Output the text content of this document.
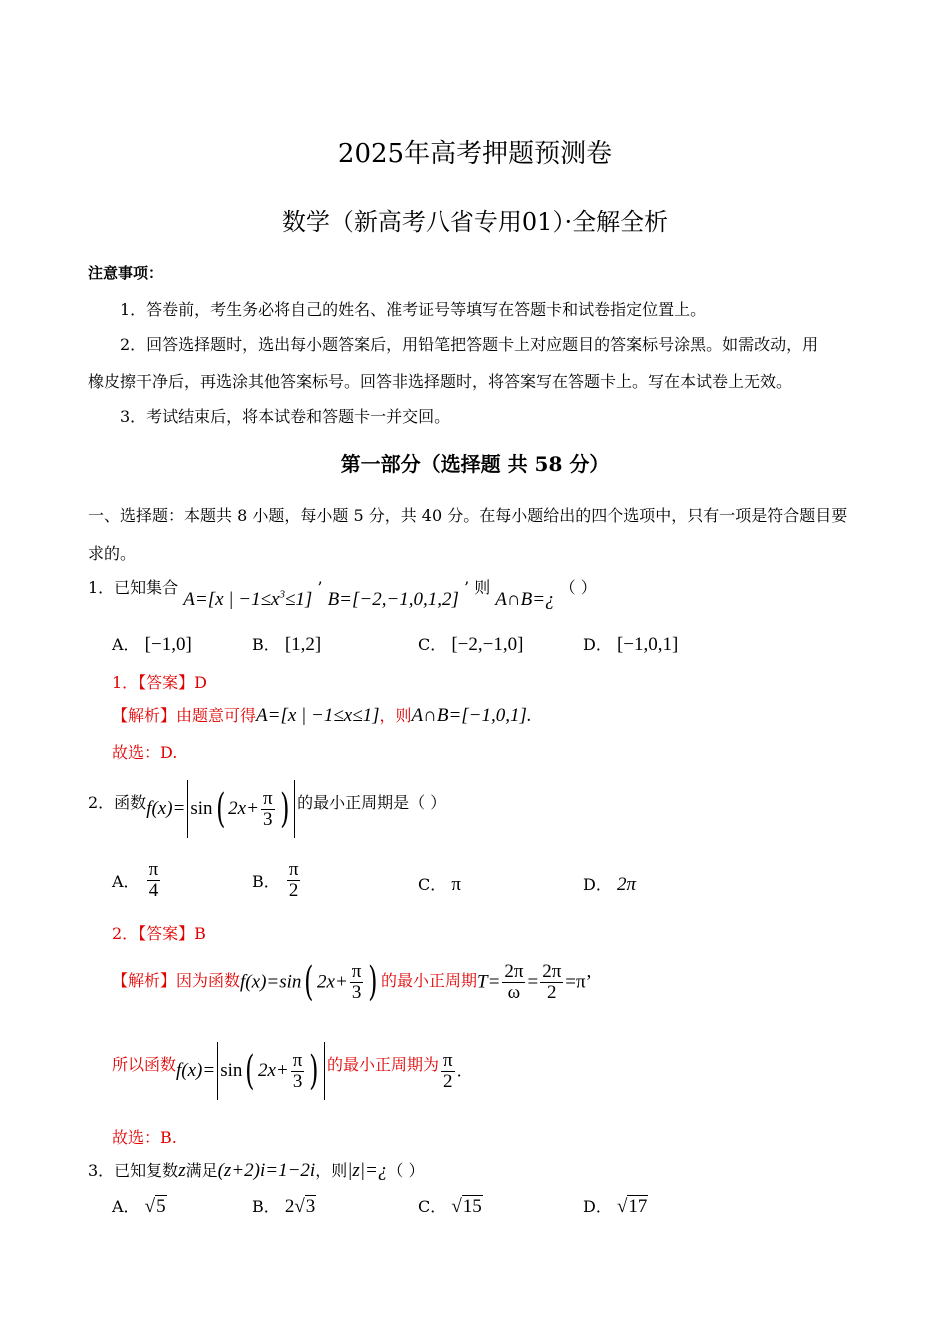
2025年高考押题预测卷
数学（新高考八省专用01）·全解全析
注意事项：
1．答卷前，考生务必将自己的姓名、准考证号等填写在答题卡和试卷指定位置上。
2．回答选择题时，选出每小题答案后，用铅笔把答题卡上对应题目的答案标号涂黑。如需改动，用
橡皮擦干净后，再选涂其他答案标号。回答非选择题时，将答案写在答题卡上。写在本试卷上无效。
3．考试结束后，将本试卷和答题卡一并交回。
第一部分（选择题 共 58 分）
一、选择题：本题共 8 小题，每小题 5 分，共 40 分。在每小题给出的四个选项中，只有一项是符合题目要
求的。
1．已知集合 A=[x | $-1\le x^3\le 1$] ’ B=[−2,−1,0,1,2] ’ 则 A∩B=¿ （ ）
A． [−1,0]	B． [1,2]	C． [−2,−1,0]	D． [−1,0,1]
1．【答案】D
【解析】由题意可得A=[x | −1≤x≤1]，则A∩B=[−1,0,1].
故选：D.
2．函数f(x)= sin( $2x+ \frac{\pi}{3}$ ) 的最小正周期是（ ）
A． $\frac{\pi}{4}$	B． $\frac{\pi}{2}$	C． π	D． 2π
2．【答案】B
【解析】因为函数f(x)=sin( $2x+ \frac{\pi}{3}$ ) 的最小正周期$T= \frac{2\pi}{\omega} = \frac{2\pi}{2} =\pi$’
所以函数f(x)= sin( $2x+ \frac{\pi}{3}$ ) 的最小正周期为 $\frac{\pi}{2}$ .
故选：B.
3．已知复数z满足(z+2)i=1−2i，则|z|=¿（ ）
A． √5	B． 2√3	C． √15	D． √17
